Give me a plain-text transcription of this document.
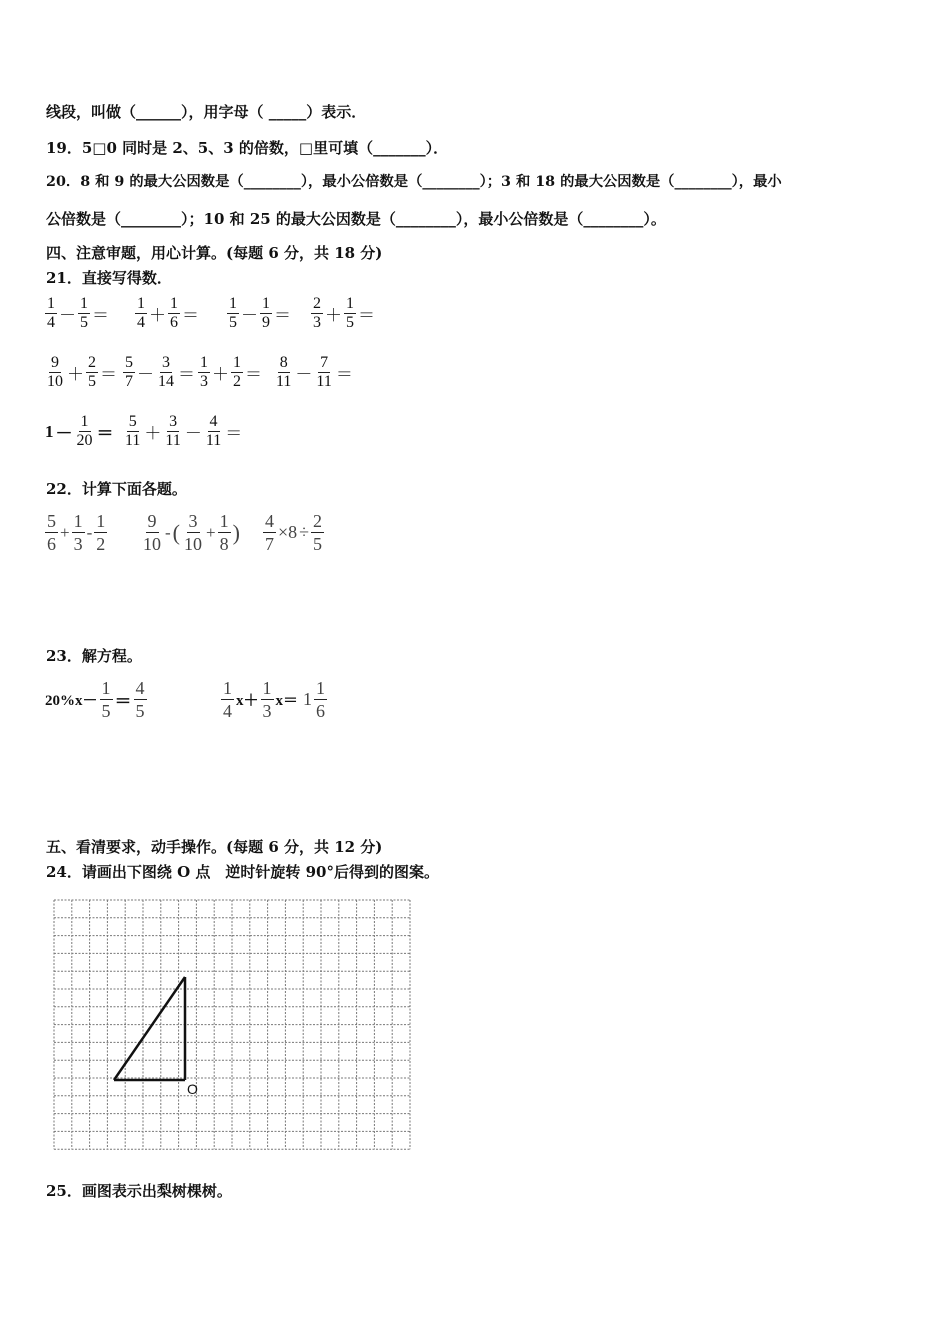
线段，叫做（______），用字母（ _____）表示．
19．5□0 同时是 2、5、3 的倍数，□里可填（_______）．
20．8 和 9 的最大公因数是（________），最小公倍数是（________）；3 和 18 的最大公因数是（________），最小
公倍数是（________）；10 和 25 的最大公因数是（________），最小公倍数是（________）。
四、注意审题，用心计算。(每题 6 分，共 18 分)
21．直接写得数．
$\frac{1}{4} - \frac{1}{5} = \frac{1}{4} + \frac{1}{6} = \frac{1}{5} - \frac{1}{9} = \frac{2}{3} + \frac{1}{5}$ ＝
$\frac{9}{10} + \frac{2}{5} = \frac{5}{7} - \frac{3}{14} = \frac{1}{3} + \frac{1}{2} = \frac{8}{11} - \frac{7}{11}$ ＝
$1 - \frac{1}{20} = \frac{5}{11} + \frac{3}{11} - \frac{4}{11}$ ＝
22．计算下面各题。
$\frac{5}{6} + \frac{1}{3} - \frac{1}{2} \frac{9}{10}$ -( $\frac{3}{10} + \frac{1}{8}$ ) $\frac{4}{7} \times 8 \div \frac{2}{5}$
23．解方程。
$20\%x- \frac{1}{5} = \frac{4}{5}$	$\frac{1}{4} x+ \frac{1}{3} x= 1 \frac{1}{6}$
五、看清要求，动手操作。(每题 6 分，共 12 分)
24．请画出下图绕 O 点　逆时针旋转 90°后得到的图案。
O
25．画图表示出梨树棵树。
